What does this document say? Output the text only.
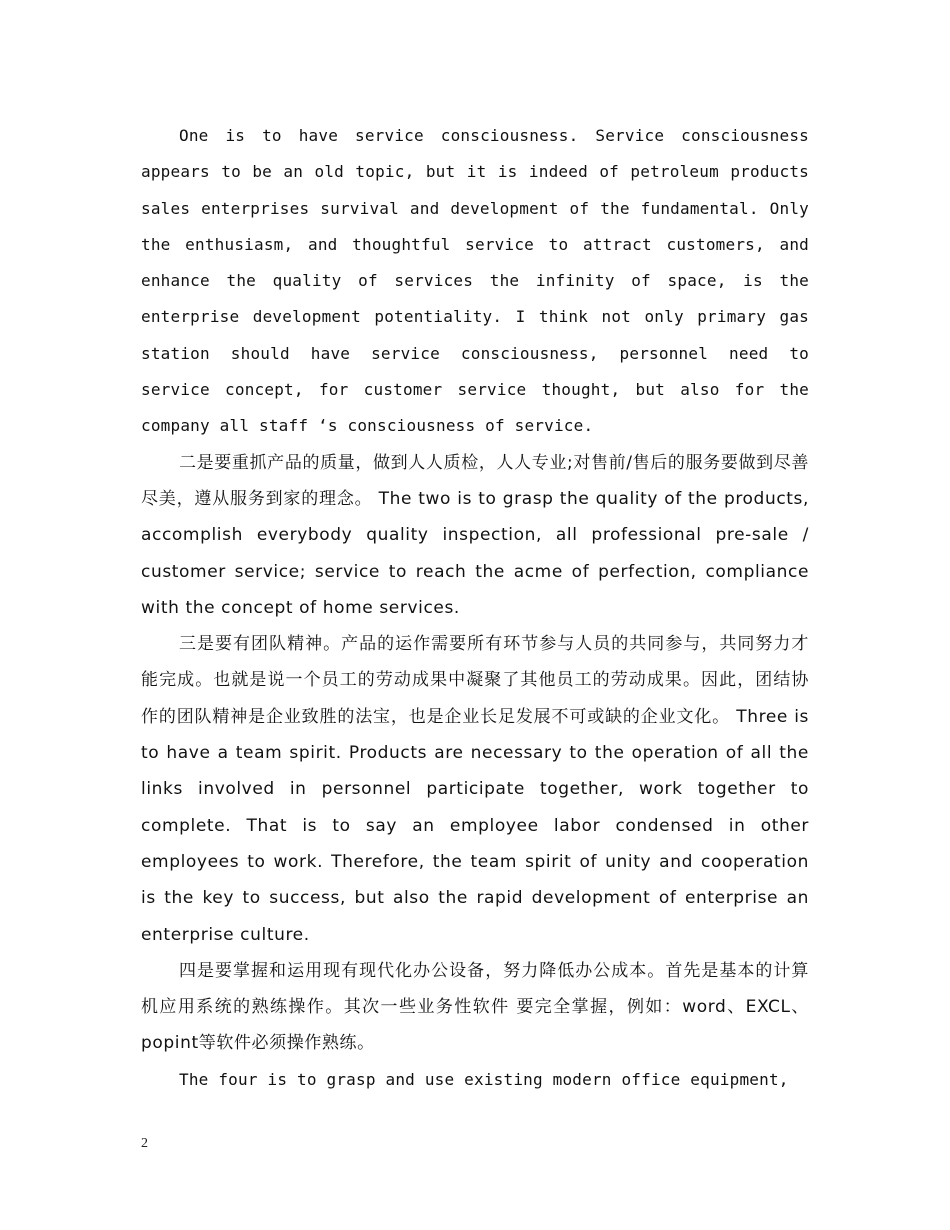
One is to have service consciousness. Service consciousness appears to be an old topic, but it is indeed of petroleum products sales enterprises survival and development of the fundamental. Only the enthusiasm, and thoughtful service to attract customers, and enhance the quality of services the infinity of space, is the enterprise development potentiality. I think not only primary gas station should have service consciousness, personnel need to service concept, for customer service thought, but also for the company all staff ‘s consciousness of service.

二是要重抓产品的质量，做到人人质检，人人专业;对售前/售后的服务要做到尽善尽美，遵从服务到家的理念。 The two is to grasp the quality of the products, accomplish everybody quality inspection, all professional pre-sale / customer service; service to reach the acme of perfection, compliance with the concept of home services.

三是要有团队精神。产品的运作需要所有环节参与人员的共同参与，共同努力才能完成。也就是说一个员工的劳动成果中凝聚了其他员工的劳动成果。因此，团结协作的团队精神是企业致胜的法宝，也是企业长足发展不可或缺的企业文化。 Three is to have a team spirit. Products are necessary to the operation of all the links involved in personnel participate together, work together to complete. That is to say an employee labor condensed in other employees to work. Therefore, the team spirit of unity and cooperation is the key to success, but also the rapid development of enterprise an enterprise culture.

四是要掌握和运用现有现代化办公设备，努力降低办公成本。首先是基本的计算机应用系统的熟练操作。其次一些业务性软件 要完全掌握，例如：word、EXCL、popint等软件必须操作熟练。

The four is to grasp and use existing modern office equipment,

2
